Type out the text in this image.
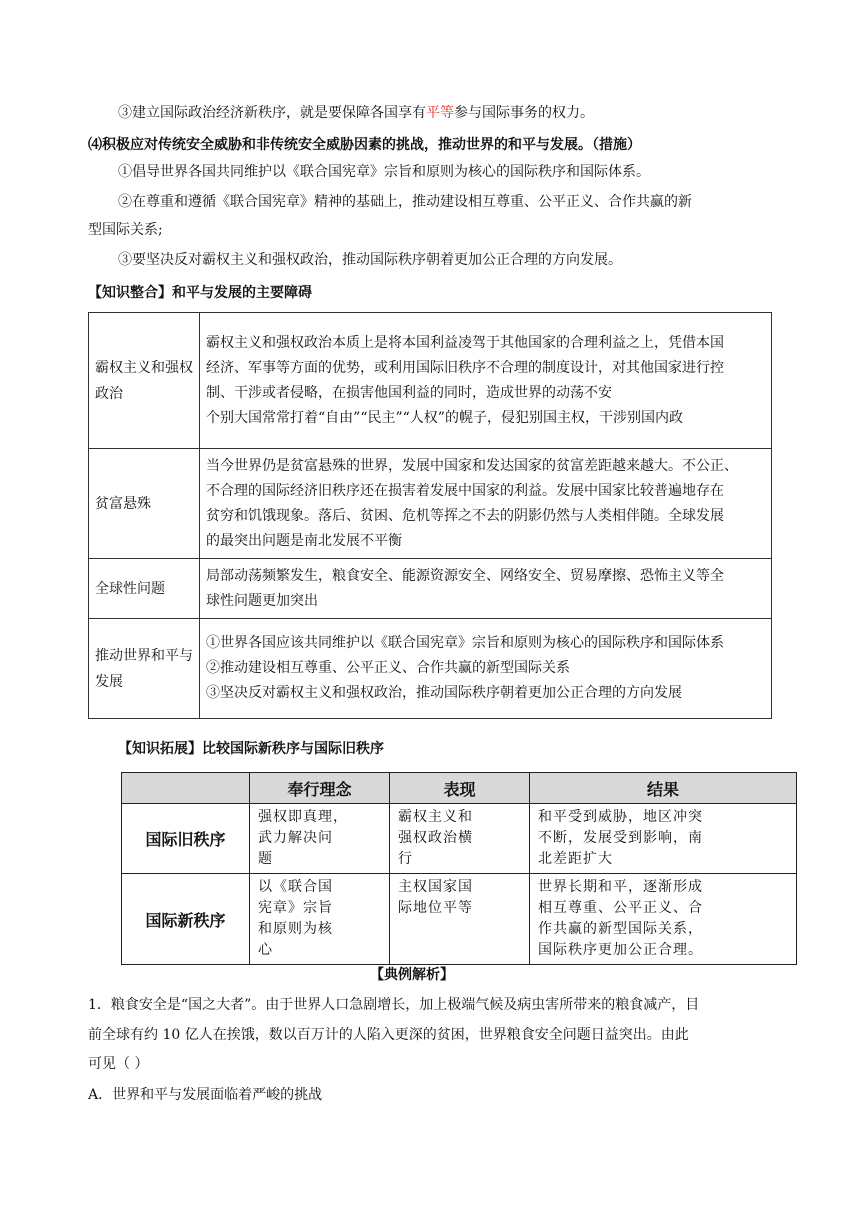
③建立国际政治经济新秩序，就是要保障各国享有平等参与国际事务的权力。
⑷积极应对传统安全威胁和非传统安全威胁因素的挑战，推动世界的和平与发展。（措施）
①倡导世界各国共同维护以《联合国宪章》宗旨和原则为核心的国际秩序和国际体系。
②在尊重和遵循《联合国宪章》精神的基础上，推动建设相互尊重、公平正义、合作共赢的新
型国际关系;
③要坚决反对霸权主义和强权政治，推动国际秩序朝着更加公正合理的方向发展。
【知识整合】和平与发展的主要障碍
霸权主义和强权政治	霸权主义和强权政治本质上是将本国利益凌驾于其他国家的合理利益之上，凭借本国
经济、军事等方面的优势，或利用国际旧秩序不合理的制度设计，对其他国家进行控
制、干涉或者侵略，在损害他国利益的同时，造成世界的动荡不安
个别大国常常打着“自由”“民主”“人权”的幌子，侵犯别国主权，干涉别国内政

贫富悬殊	当今世界仍是贫富悬殊的世界，发展中国家和发达国家的贫富差距越来越大。不公正、
不合理的国际经济旧秩序还在损害着发展中国家的利益。发展中国家比较普遍地存在
贫穷和饥饿现象。落后、贫困、危机等挥之不去的阴影仍然与人类相伴随。全球发展
的最突出问题是南北发展不平衡

全球性问题	局部动荡频繁发生，粮食安全、能源资源安全、网络安全、贸易摩擦、恐怖主义等全
球性问题更加突出

推动世界和平与发展	①世界各国应该共同维护以《联合国宪章》宗旨和原则为核心的国际秩序和国际体系
②推动建设相互尊重、公平正义、合作共赢的新型国际关系
③坚决反对霸权主义和强权政治，推动国际秩序朝着更加公正合理的方向发展
【知识拓展】比较国际新秩序与国际旧秩序
	奉行理念	表现	结果
国际旧秩序	强权即真理，
武力解决问
题	霸权主义和
强权政治横
行	和平受到威胁，地区冲突
不断，发展受到影响，南
北差距扩大

国际新秩序	以《联合国
宪章》宗旨
和原则为核
心	主权国家国
际地位平等	世界长期和平，逐渐形成
相互尊重、公平正义、合
作共赢的新型国际关系，
国际秩序更加公正合理。
【典例解析】
1．粮食安全是“国之大者”。由于世界人口急剧增长，加上极端气候及病虫害所带来的粮食减产，目
前全球有约 10 亿人在挨饿，数以百万计的人陷入更深的贫困，世界粮食安全问题日益突出。由此
可见（ ）
A．世界和平与发展面临着严峻的挑战
